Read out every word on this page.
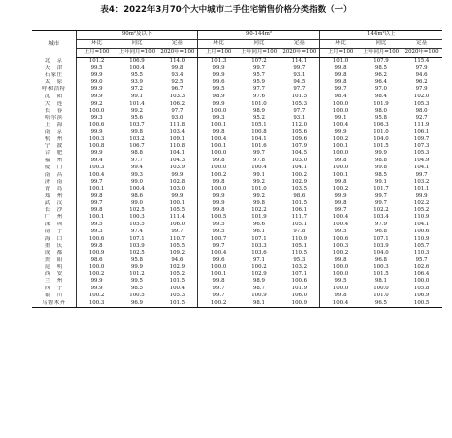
表4：2022年3月70个大中城市二手住宅销售价格分类指数（一）
城市	90m²及以下			90-144m²			144m²以上		
	环比	同比	定基	环比	同比	定基	环比	同比	定基
	上月=100	上年同月=100	2020年=100	上月=100	上年同月=100	2020年=100	上月=100	上年同月=100	2020年=100
北　京	101.2	106.9	114.0	101.3	107.2	114.1	101.0	107.9	115.4
天　津	99.5	100.4	99.8	99.9	99.7	99.7	99.8	98.5	97.9
石家庄	99.9	95.5	93.4	99.9	95.7	93.1	99.8	96.2	94.6
太　原	99.0	93.9	92.5	99.6	95.9	94.5	99.8	96.4	96.2
呼和浩特	99.9	97.2	96.7	99.5	97.7	97.7	99.7	97.0	97.9
沈　阳	99.9	99.1	103.3	98.9	97.6	101.5	98.4	98.4	102.0
大　连	99.2	101.4	106.2	99.9	101.0	105.3	100.0	101.9	105.3
长　春	100.0	99.2	97.7	100.0	98.9	97.7	100.0	98.0	98.0
哈尔滨	99.3	95.6	93.0	99.3	95.2	93.1	99.1	95.8	92.7
上　海	100.6	103.7	111.8	100.1	105.1	112.0	100.4	106.3	111.9
南　京	99.9	99.8	103.4	99.8	100.8	105.6	99.9	101.0	106.1
杭　州	100.3	103.2	109.1	100.4	104.1	109.6	100.2	104.0	109.7
宁　波	100.8	106.7	110.8	100.1	101.6	107.9	100.1	101.5	107.3
合　肥	99.9	98.8	104.1	100.0	99.7	104.5	100.0	99.9	105.3
福　州	99.4	97.7	104.3	99.8	97.8	103.0	99.8	98.8	104.9
厦　门	100.3	99.4	103.9	100.0	100.4	104.1	100.0	99.8	104.1
南　昌	100.4	99.3	99.9	100.2	99.1	100.2	100.1	98.5	99.7
济　南	99.7	99.0	102.8	99.8	99.2	102.9	99.8	99.1	103.2
青　岛	100.1	100.4	103.0	100.0	101.0	103.5	100.2	101.7	101.1
郑　州	99.8	98.6	99.9	99.9	99.2	98.6	99.9	99.7	99.9
武　汉	99.7	99.0	100.1	99.9	99.8	101.5	99.8	99.7	102.2
长　沙	99.8	102.5	105.5	99.8	102.2	106.1	99.7	102.2	105.2
广　州	100.1	100.3	111.4	100.5	101.9	111.7	100.4	103.4	110.9
深　圳	99.5	105.5	106.0	99.5	96.6	105.1	100.4	97.9	104.1
南　宁	99.3	97.4	99.7	99.5	96.1	97.8	99.5	96.8	100.6
海　口	100.6	107.1	110.7	100.7	107.1	110.9	100.6	107.1	110.9
重　庆	99.8	103.9	105.5	99.7	103.3	105.1	100.3	103.9	105.7
成　都	100.9	102.5	109.2	100.4	103.6	110.5	100.2	104.0	110.3
贵　阳	98.6	95.8	94.6	99.6	97.1	95.3	99.8	96.8	95.7
昆　明	100.0	99.9	102.9	100.0	100.2	103.2	100.0	100.3	102.6
西　安	100.2	101.2	105.2	100.1	102.9	107.1	100.0	101.5	106.4
兰　州	99.9	99.5	101.5	99.8	98.9	100.6	99.5	98.1	100.0
西　宁	99.9	98.5	100.4	99.7	98.7	101.9	100.0	100.0	105.8
银　川	100.2	100.5	105.3	99.7	100.9	106.0	99.8	101.0	106.9
乌鲁木齐	100.3	96.9	101.5	100.2	98.1	100.9	100.4	96.5	100.5
